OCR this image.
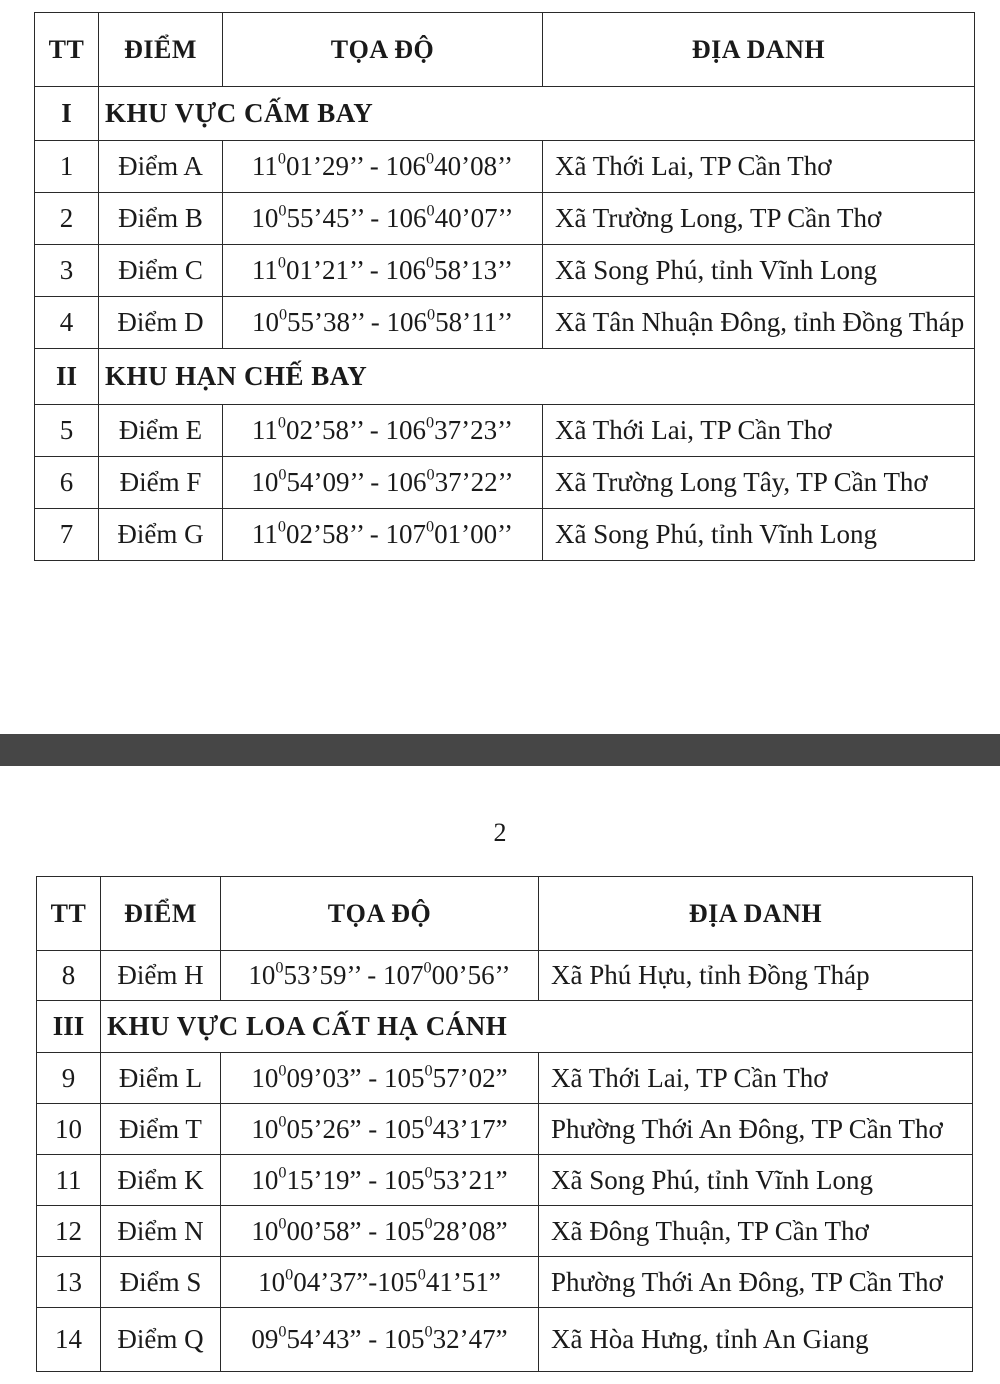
TT	ĐIỂM	TỌA ĐỘ	ĐỊA DANH
I	KHU VỰC CẤM BAY		
1	Điểm A	$11^001’29$’’ - $106^040’08$’’	Xã Thới Lai, TP Cần Thơ
2	Điểm B	$10^055’45$’’ - $106^040’07$’’	Xã Trường Long, TP Cần Thơ
3	Điểm C	$11^001’21$’’ - $106^058’13$’’	Xã Song Phú, tỉnh Vĩnh Long
4	Điểm D	$10^055’38$’’ - $106^058’11$’’	Xã Tân Nhuận Đông, tỉnh Đồng Tháp
II	KHU HẠN CHẾ BAY		
5	Điểm E	$11^002’58$’’ - $106^037’23$’’	Xã Thới Lai, TP Cần Thơ
6	Điểm F	$10^054’09$’’ - $106^037’22$’’	Xã Trường Long Tây, TP Cần Thơ
7	Điểm G	$11^002’58$’’ - $107^001’00$’’	Xã Song Phú, tỉnh Vĩnh Long
2
TT	ĐIỂM	TỌA ĐỘ	ĐỊA DANH
8	Điểm H	$10^053’59$’’ - $107^000’56$’’	Xã Phú Hựu, tỉnh Đồng Tháp
III	KHU VỰC LOA CẤT HẠ CÁNH		
9	Điểm L	$10^009’03$” - $105^057’02$”	Xã Thới Lai, TP Cần Thơ
10	Điểm T	$10^005’26$” - $105^043’17$”	Phường Thới An Đông, TP Cần Thơ
11	Điểm K	$10^015’19$” - $105^053’21$”	Xã Song Phú, tỉnh Vĩnh Long
12	Điểm N	$10^000’58$” - $105^028’08$”	Xã Đông Thuận, TP Cần Thơ
13	Điểm S	$10^004’37”-105^041’51$”	Phường Thới An Đông, TP Cần Thơ
14	Điểm Q	$09^054’43$” - $105^032’47$”	Xã Hòa Hưng, tỉnh An Giang
